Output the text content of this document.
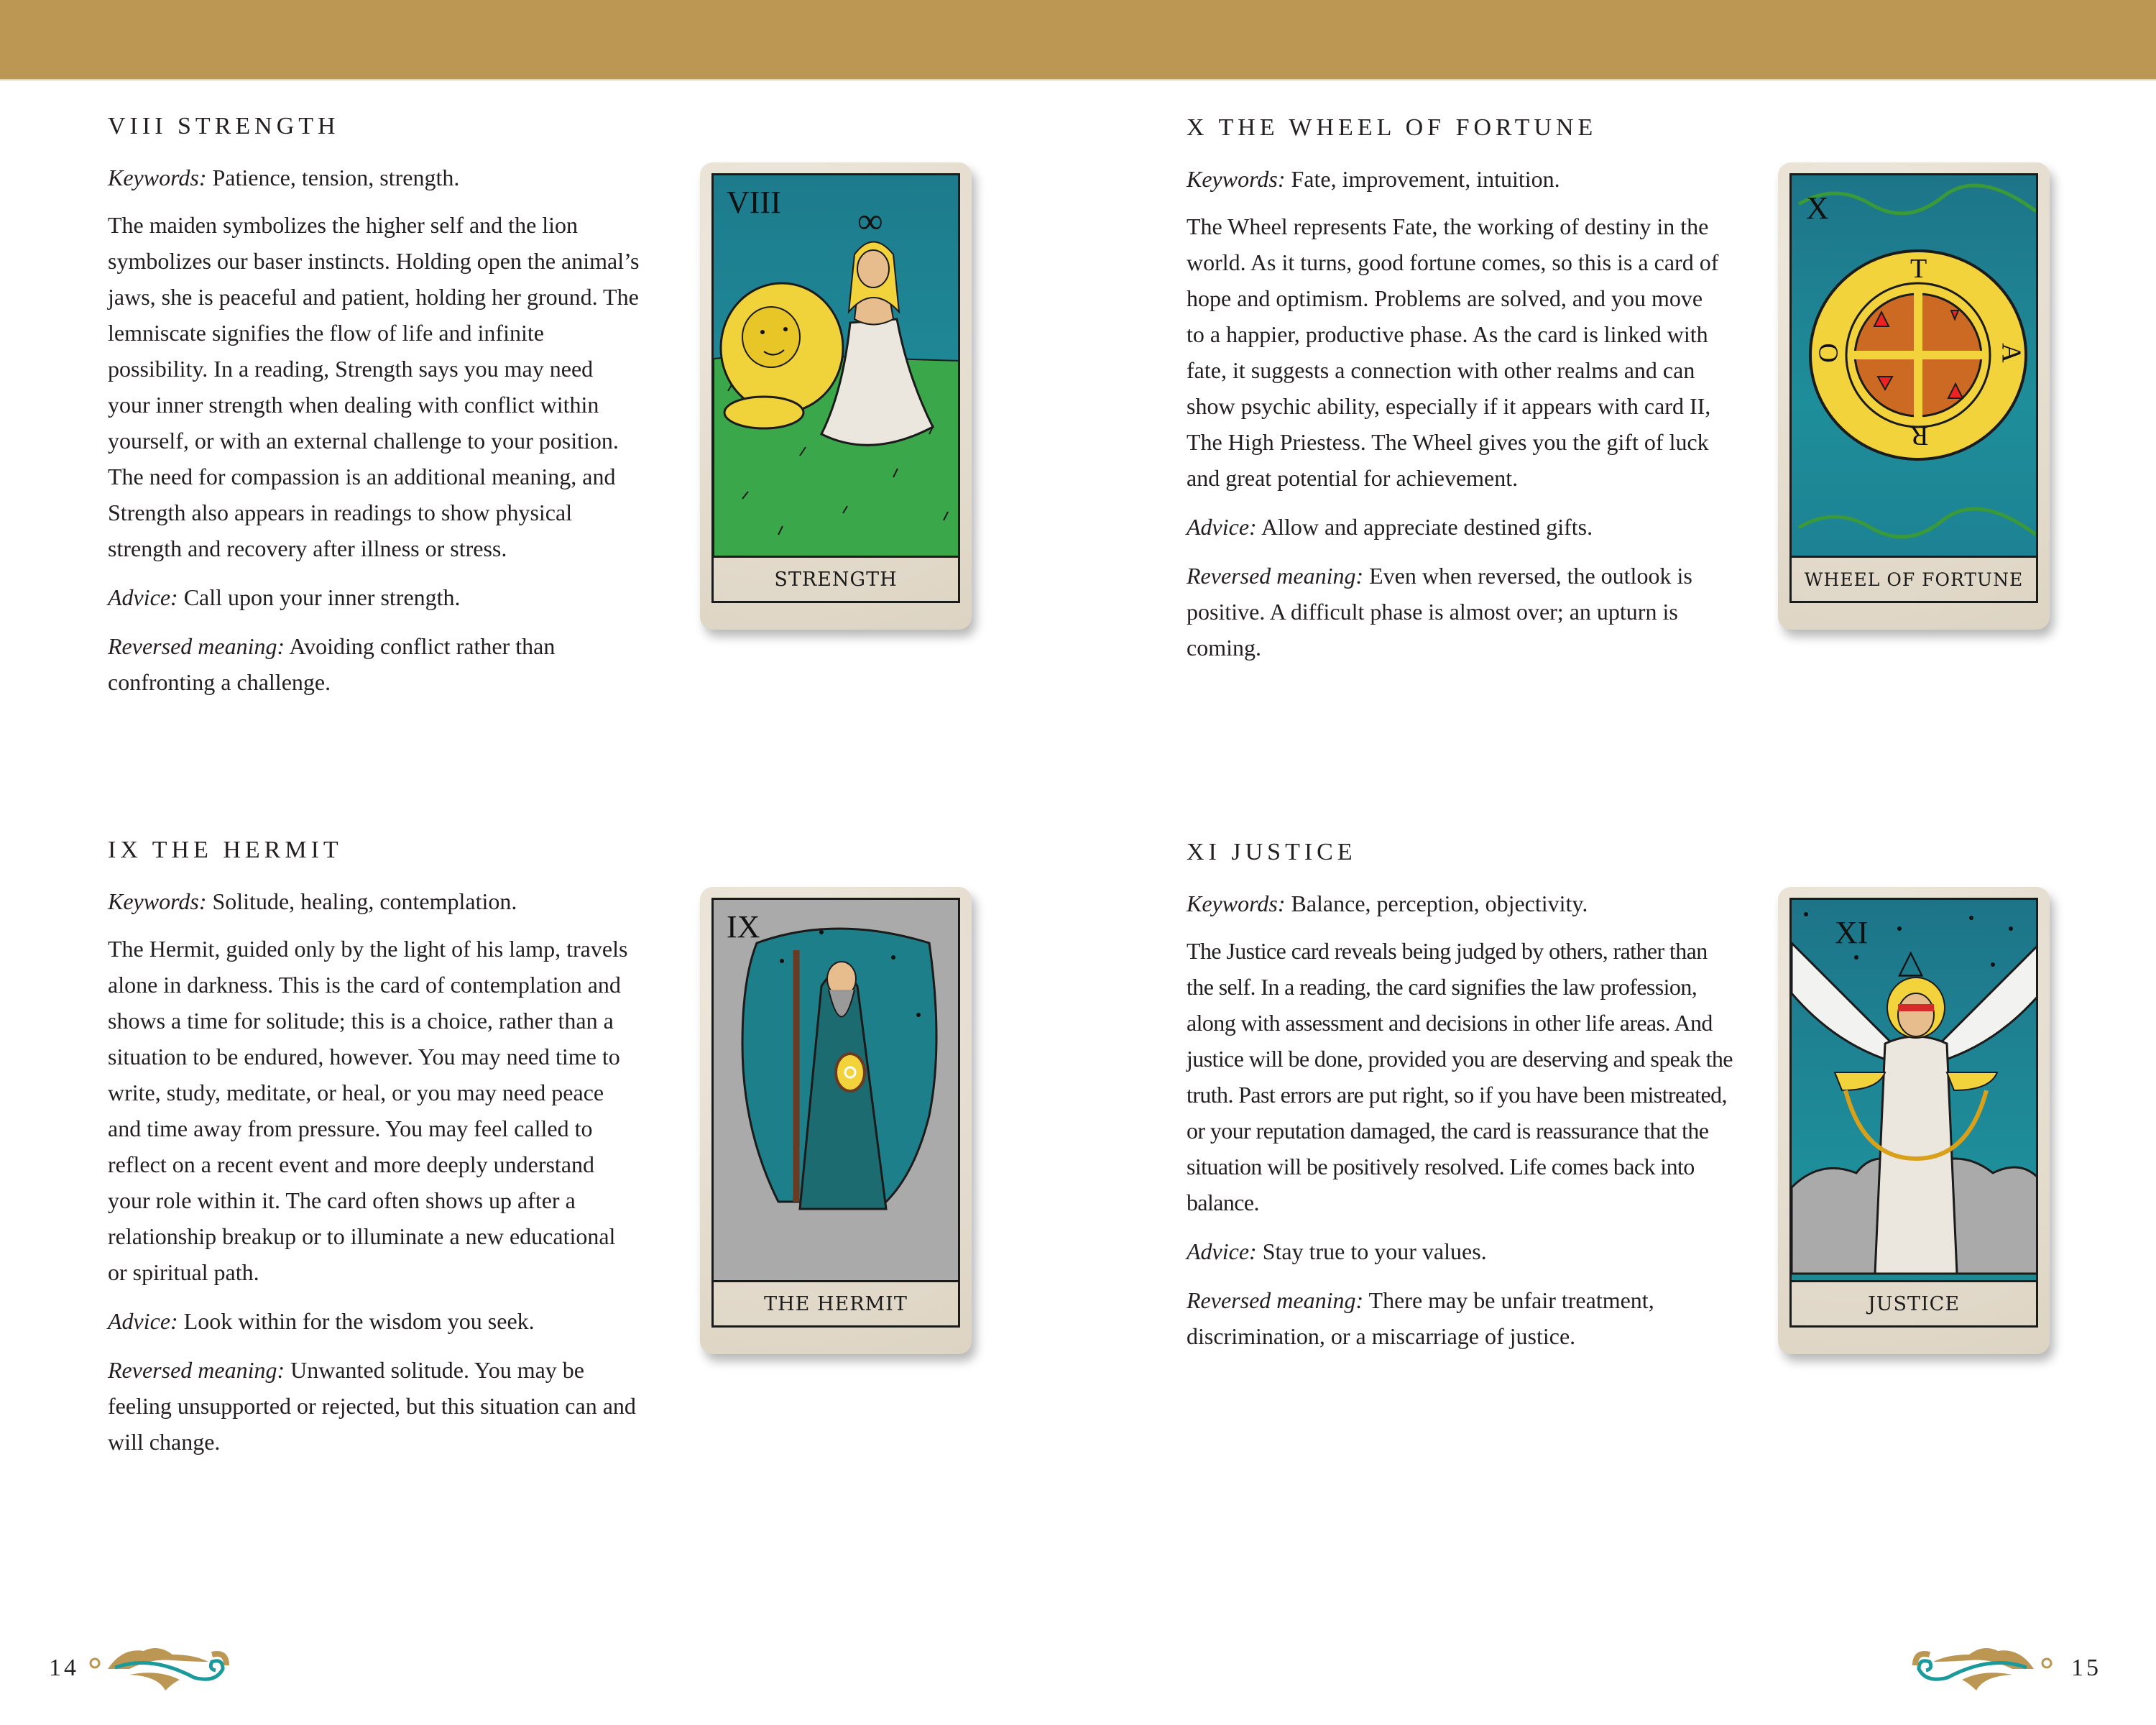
VIII STRENGTH

Keywords: Patience, tension, strength.

The maiden symbolizes the higher self and the lion symbolizes our baser instincts. Holding open the animal’s jaws, she is peaceful and patient, holding her ground. The lemniscate signifies the flow of life and infinite possibility. In a reading, Strength says you may need your inner strength when dealing with conflict within yourself, or with an external challenge to your position. The need for compassion is an additional meaning, and Strength also appears in readings to show physical strength and recovery after illness or stress.

Advice: Call upon your inner strength.

Reversed meaning: Avoiding conflict rather than confronting a challenge.

VIII ∞
STRENGTH
IX THE HERMIT

Keywords: Solitude, healing, contemplation.

The Hermit, guided only by the light of his lamp, travels alone in darkness. This is the card of contemplation and shows a time for solitude; this is a choice, rather than a situation to be endured, however. You may need time to write, study, meditate, or heal, or you may need peace and time away from pressure. You may feel called to reflect on a recent event and more deeply understand your role within it. The card often shows up after a relationship breakup or to illuminate a new educational or spiritual path.

Advice: Look within for the wisdom you seek.

Reversed meaning: Unwanted solitude. You may be feeling unsupported or rejected, but this situation can and will change.

IX
THE HERMIT
X THE WHEEL OF FORTUNE

Keywords: Fate, improvement, intuition.

The Wheel represents Fate, the working of destiny in the world. As it turns, good fortune comes, so this is a card of hope and optimism. Problems are solved, and you move to a happier, productive phase. As the card is linked with fate, it suggests a connection with other realms and can show psychic ability, especially if it appears with card II, The High Priestess. The Wheel gives you the gift of luck and great potential for achievement.

Advice: Allow and appreciate destined gifts.

Reversed meaning: Even when reversed, the outlook is positive. A difficult phase is almost over; an upturn is coming.

X
T
A
R
O
WHEEL OF FORTUNE
XI JUSTICE

Keywords: Balance, perception, objectivity.

The Justice card reveals being judged by others, rather than the self. In a reading, the card signifies the law profession, along with assessment and decisions in other life areas. And justice will be done, provided you are deserving and speak the truth. Past errors are put right, so if you have been mistreated, or your reputation damaged, the card is reassurance that the situation will be positively resolved. Life comes back into balance.

Advice: Stay true to your values.

Reversed meaning: There may be unfair treatment, discrimination, or a miscarriage of justice.

XI
△
JUSTICE
14	15
